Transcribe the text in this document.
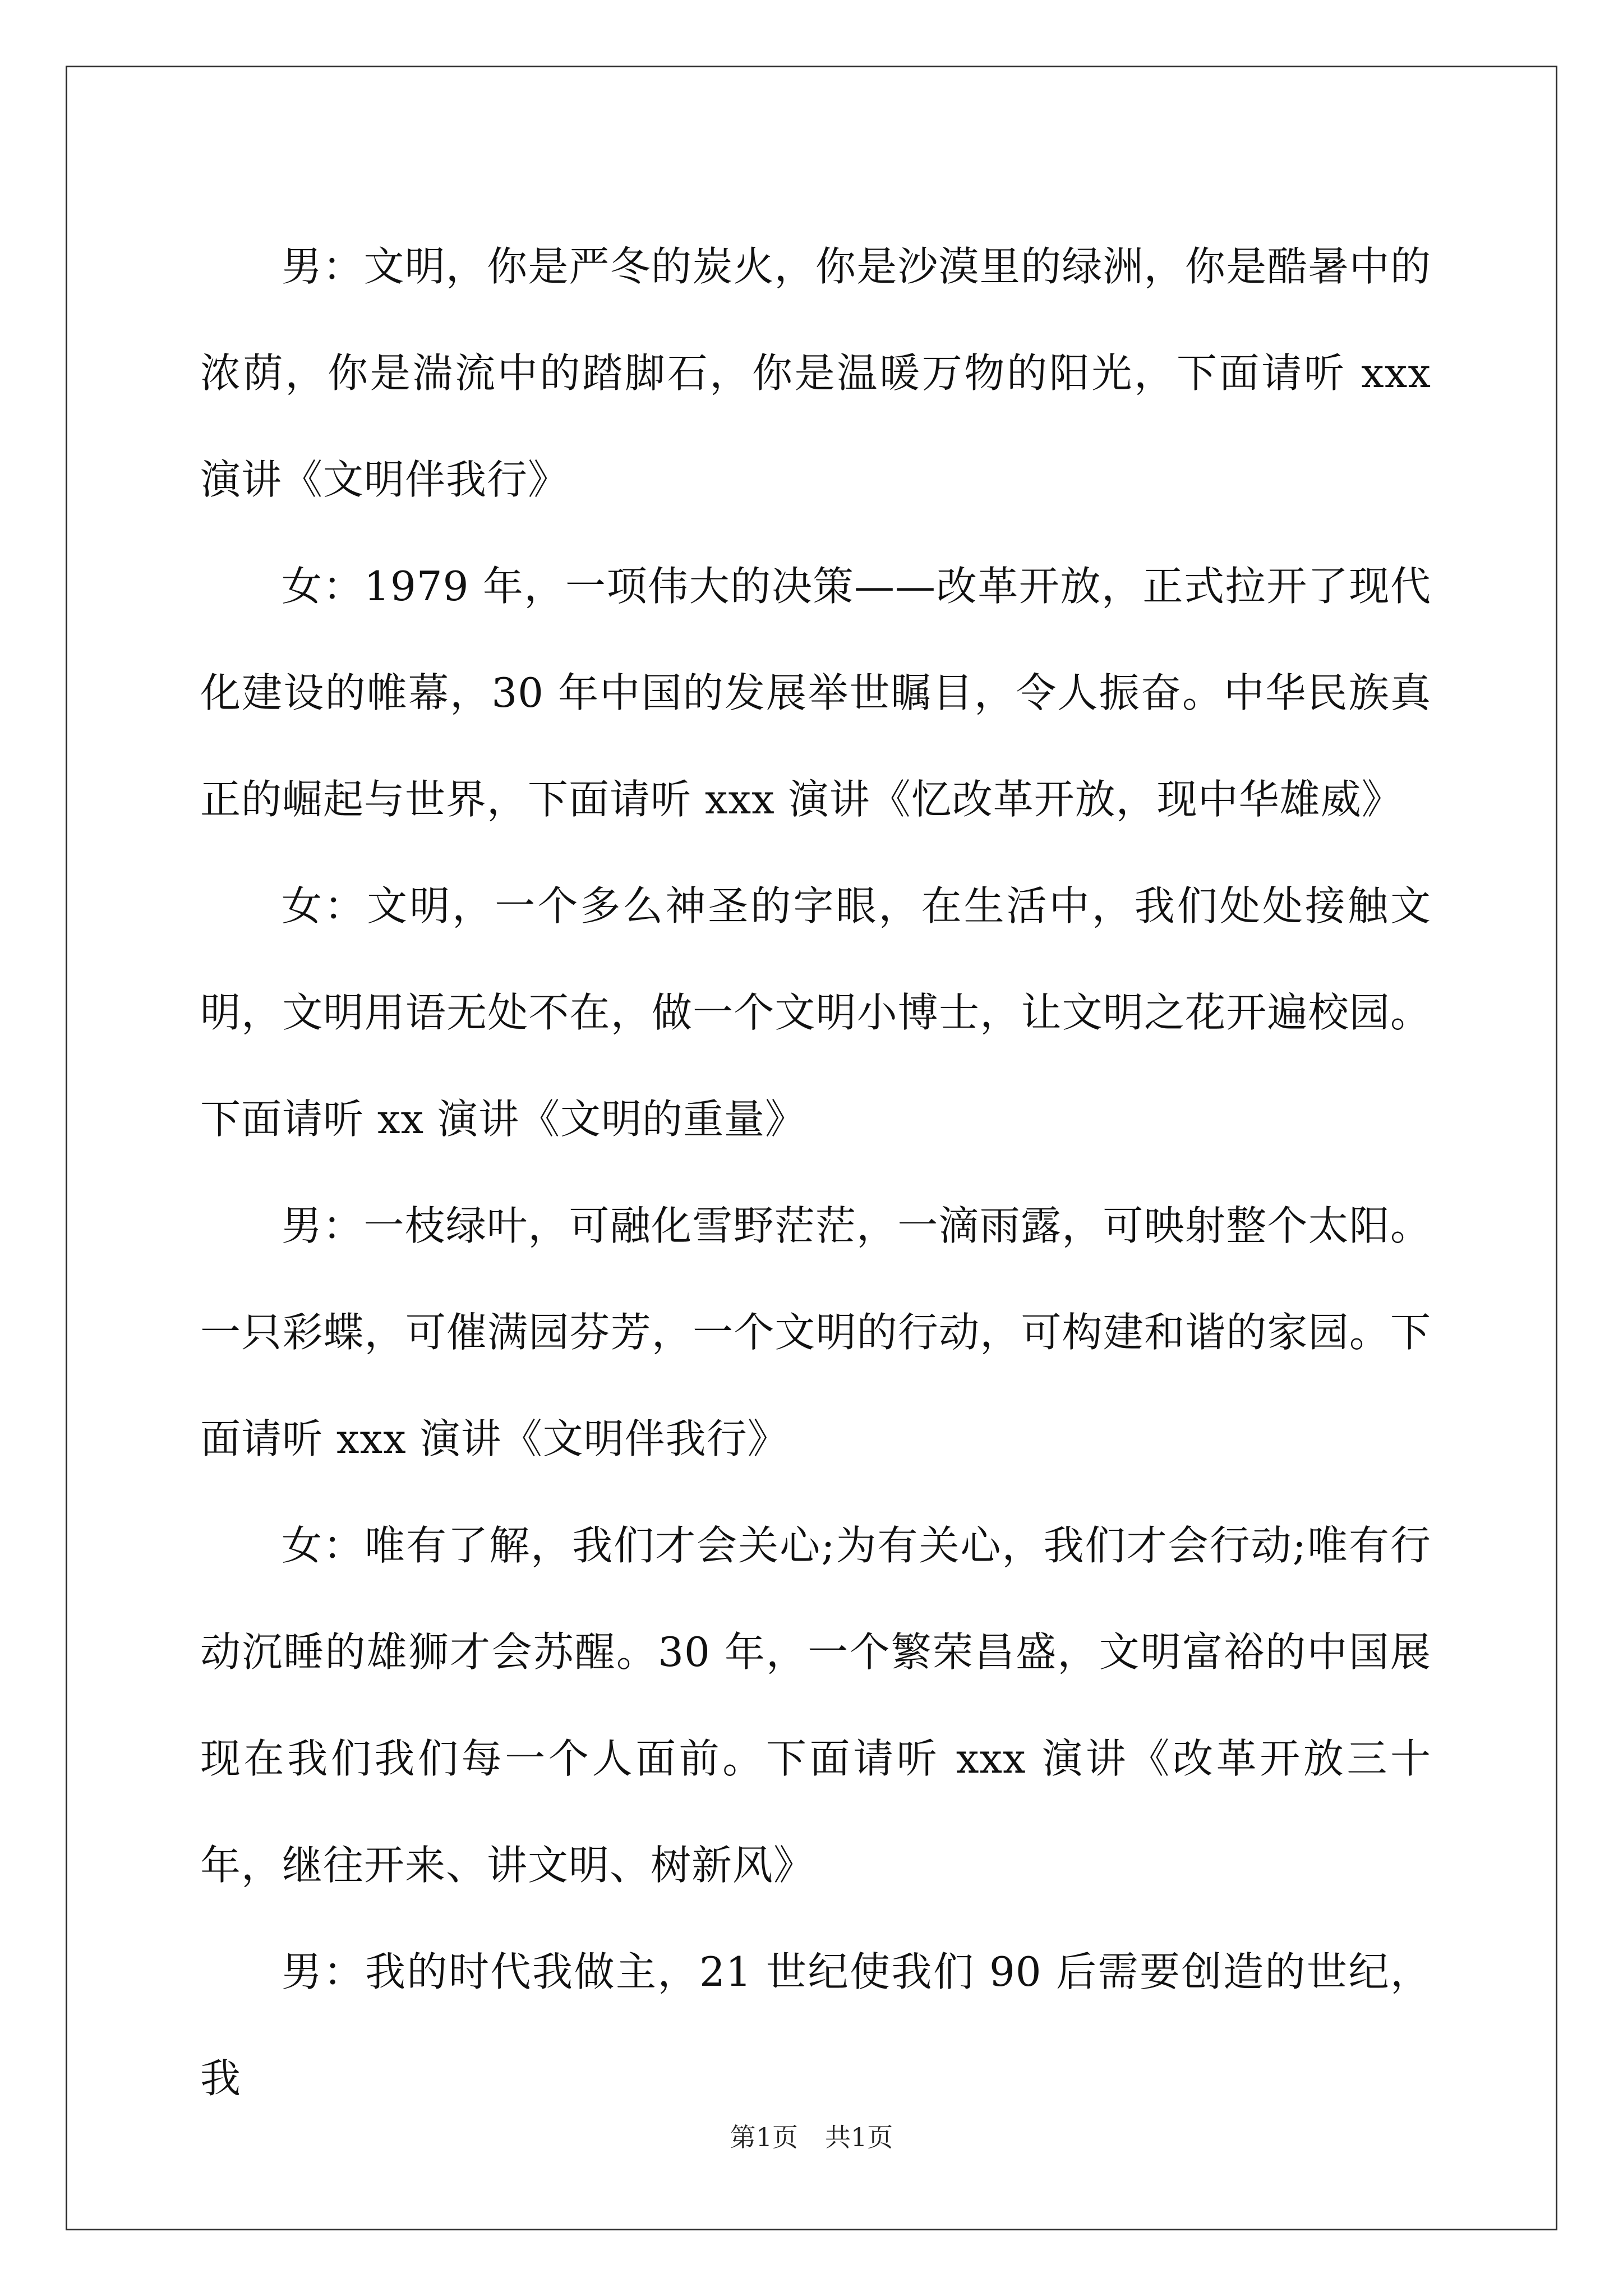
男：文明，你是严冬的炭火，你是沙漠里的绿洲，你是酷暑中的浓荫，你是湍流中的踏脚石，你是温暖万物的阳光，下面请听 xxx 演讲《文明伴我行》

女：1979 年，一项伟大的决策——改革开放，正式拉开了现代化建设的帷幕，30 年中国的发展举世瞩目，令人振奋。中华民族真正的崛起与世界，下面请听 xxx 演讲《忆改革开放，现中华雄威》

女：文明，一个多么神圣的字眼，在生活中，我们处处接触文明，文明用语无处不在，做一个文明小博士，让文明之花开遍校园。下面请听 xx 演讲《文明的重量》

男：一枝绿叶，可融化雪野茫茫，一滴雨露，可映射整个太阳。一只彩蝶，可催满园芬芳，一个文明的行动，可构建和谐的家园。下面请听 xxx 演讲《文明伴我行》

女：唯有了解，我们才会关心;为有关心，我们才会行动;唯有行动沉睡的雄狮才会苏醒。30 年，一个繁荣昌盛，文明富裕的中国展现在我们我们每一个人面前。下面请听 xxx 演讲《改革开放三十年，继往开来、讲文明、树新风》

男：我的时代我做主，21 世纪使我们 90 后需要创造的世纪，我

第1页 共1页
